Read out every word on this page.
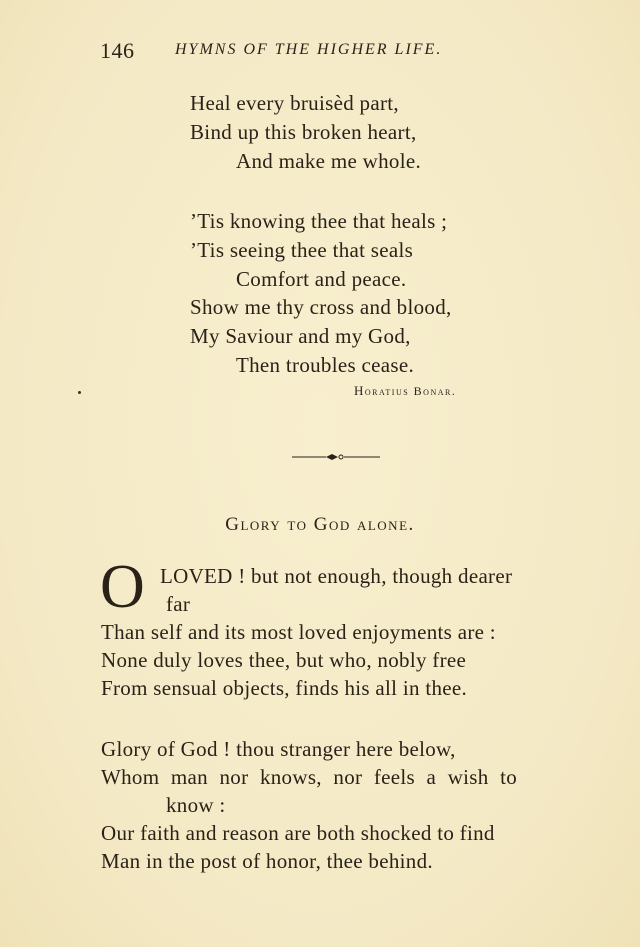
146	HYMNS OF THE HIGHER LIFE.
Heal every bruisèd part,
Bind up this broken heart,
And make me whole.
’Tis knowing thee that heals ;
’Tis seeing thee that seals
Comfort and peace.
Show me thy cross and blood,
My Saviour and my God,
Then troubles cease.
Horatius Bonar.
Glory to God alone.
O LOVED ! but not enough, though dearer
far
Than self and its most loved enjoyments are :
None duly loves thee, but who, nobly free
From sensual objects, finds his all in thee.
Glory of God ! thou stranger here below,
Whom man nor knows, nor feels a wish to
know :
Our faith and reason are both shocked to find
Man in the post of honor, thee behind.
